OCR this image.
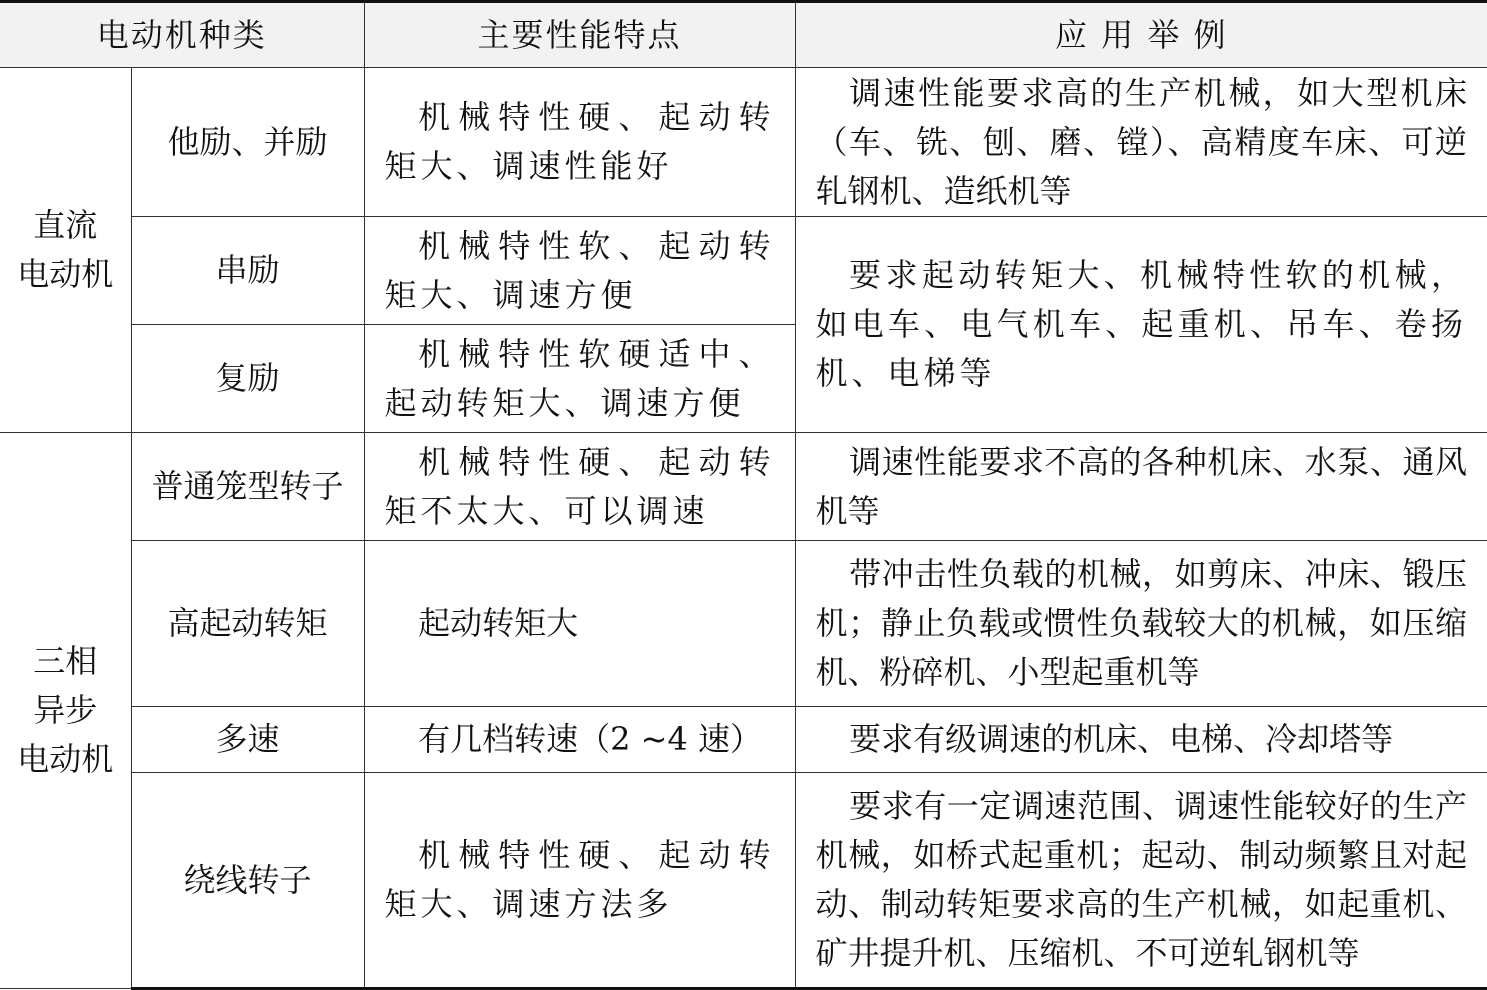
电动机种类		主要性能特点	应 用 举 例

直流
电动机	他励、并励	机械特性硬、起动转矩大、调速性能好	调速性能要求高的生产机械，如大型机床（车、铣、刨、磨、镗）、高精度车床、可逆轧钢机、造纸机等
	串励	机械特性软、起动转矩大、调速方便	要求起动转矩大、机械特性软的机械，如电车、电气机车、起重机、吊车、卷扬机、电梯等
	复励	机械特性软硬适中、起动转矩大、调速方便	

三相
异步
电动机	普通笼型转子	机械特性硬、起动转矩不太大、可以调速	调速性能要求不高的各种机床、水泵、通风机等
	高起动转矩	起动转矩大	带冲击性负载的机械，如剪床、冲床、锻压机；静止负载或惯性负载较大的机械，如压缩机、粉碎机、小型起重机等
	多速	有几档转速（2 ~4 速）	要求有级调速的机床、电梯、冷却塔等
	绕线转子	机械特性硬、起动转矩大、调速方法多	要求有一定调速范围、调速性能较好的生产机械，如桥式起重机；起动、制动频繁且对起动、制动转矩要求高的生产机械，如起重机、矿井提升机、压缩机、不可逆轧钢机等
